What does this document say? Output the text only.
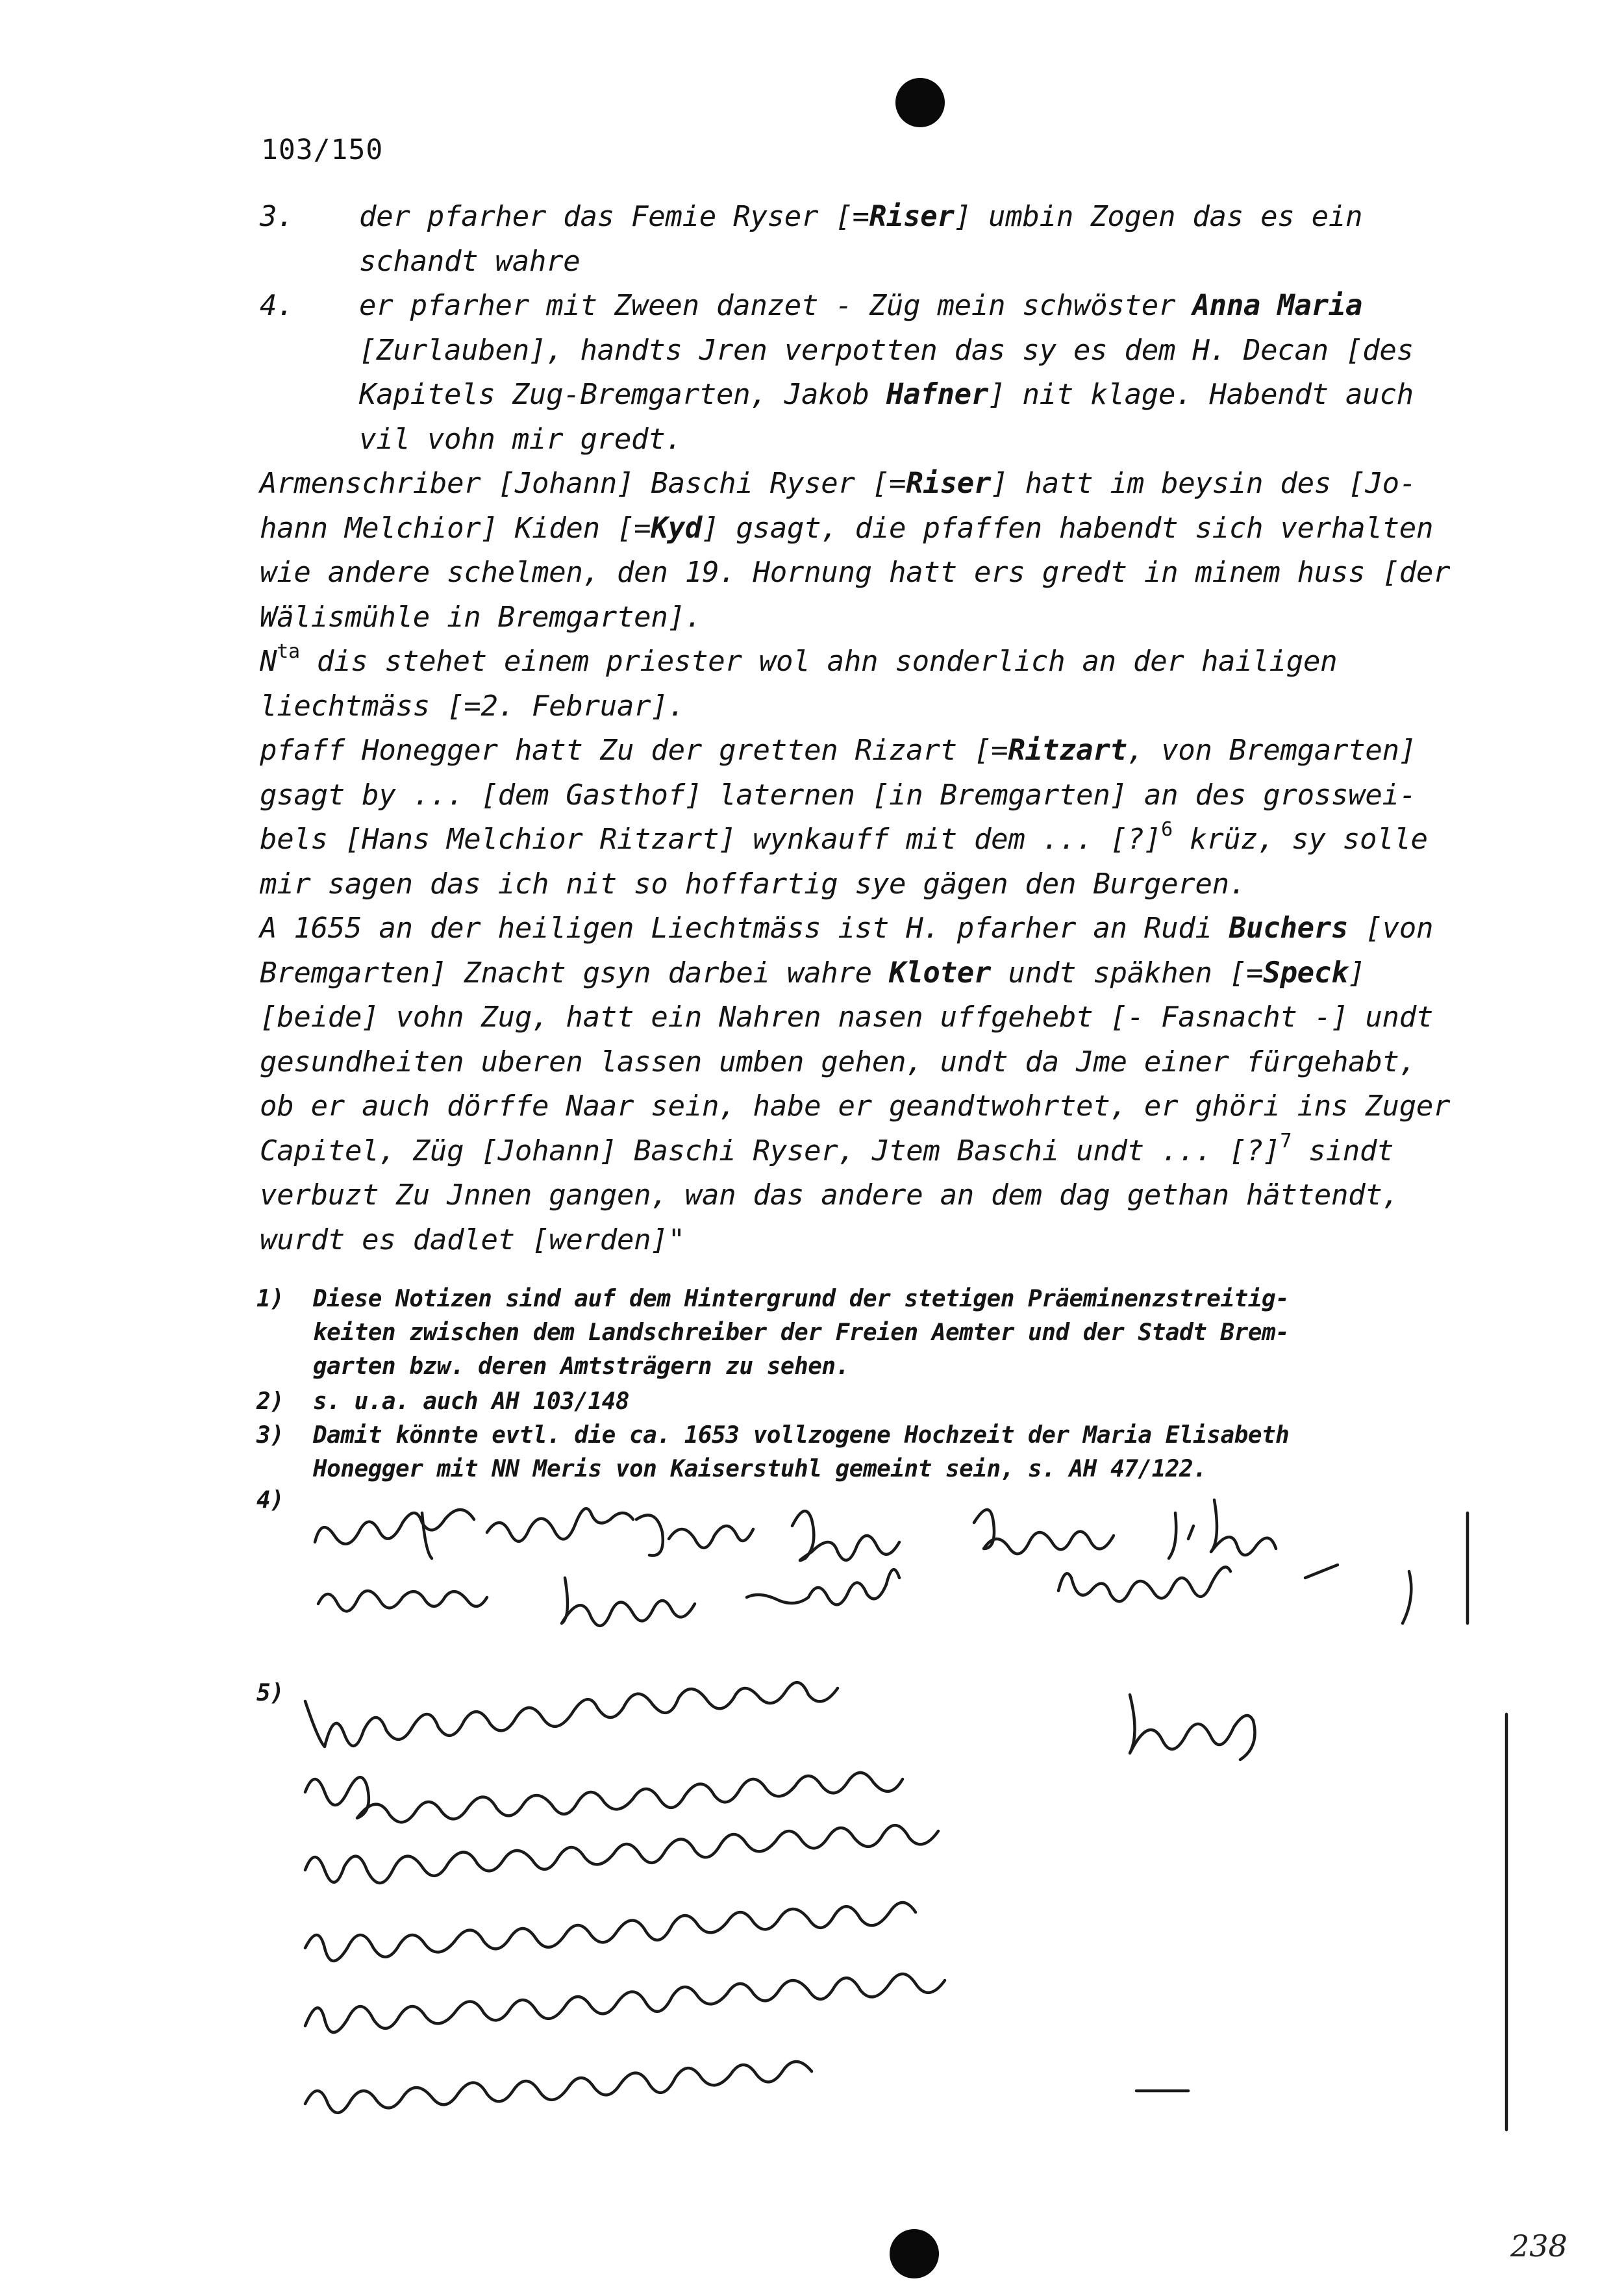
103/150
3. der pfarher das Femie Ryser [=Riser] umbin Zogen das es ein
schandt wahre
4. er pfarher mit Zween danzet - Züg mein schwöster Anna Maria
[Zurlauben], handts Jren verpotten das sy es dem H. Decan [des
Kapitels Zug-Bremgarten, Jakob Hafner] nit klage. Habendt auch
vil vohn mir gredt.
Armenschriber [Johann] Baschi Ryser [=Riser] hatt im beysin des [Jo-
hann Melchior] Kiden [=Kyd] gsagt, die pfaffen habendt sich verhalten
wie andere schelmen, den 19. Hornung hatt ers gredt in minem huss [der
Wälismühle in Bremgarten].
$N^{ta}$ dis stehet einem priester wol ahn sonderlich an der hailigen
liechtmäss [=2. Februar].
pfaff Honegger hatt Zu der gretten Rizart [=Ritzart, von Bremgarten]
gsagt by ... [dem Gasthof] laternen [in Bremgarten] an des grosswei-
bels [Hans Melchior Ritzart] wynkauff mit dem ... [?]$^6$ krüz, sy solle
mir sagen das ich nit so hoffartig sye gägen den Burgeren.
A 1655 an der heiligen Liechtmäss ist H. pfarher an Rudi Buchers [von
Bremgarten] Znacht gsyn darbei wahre Kloter undt späkhen [=Speck]
[beide] vohn Zug, hatt ein Nahren nasen uffgehebt [- Fasnacht -] undt
gesundheiten uberen lassen umben gehen, undt da Jme einer fürgehabt,
ob er auch dörffe Naar sein, habe er geandtwohrtet, er ghöri ins Zuger
Capitel, Züg [Johann] Baschi Ryser, Jtem Baschi undt ... [?]$^7$ sindt
verbuzt Zu Jnnen gangen, wan das andere an dem dag gethan hättendt,
wurdt es dadlet [werden]"
1) Diese Notizen sind auf dem Hintergrund der stetigen Präeminenzstreitig-
keiten zwischen dem Landschreiber der Freien Aemter und der Stadt Brem-
garten bzw. deren Amtsträgern zu sehen.
2) s. u.a. auch AH 103/148
3) Damit könnte evtl. die ca. 1653 vollzogene Hochzeit der Maria Elisabeth
Honegger mit NN Meris von Kaiserstuhl gemeint sein, s. AH 47/122.
4)
5)
238
